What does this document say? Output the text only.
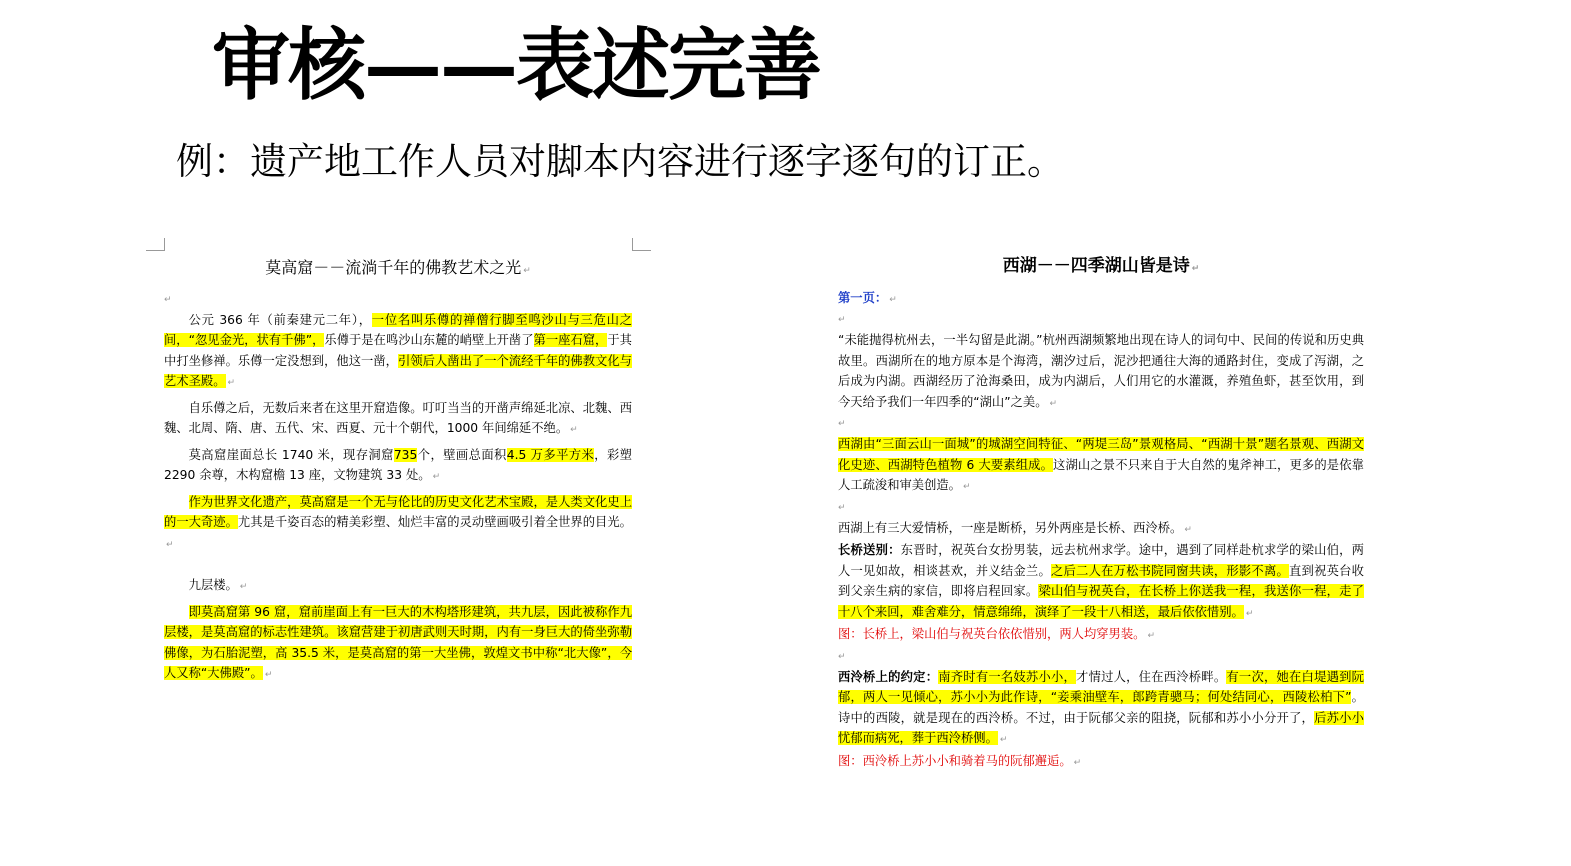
审核——表述完善
例：遗产地工作人员对脚本内容进行逐字逐句的订正。
莫高窟－－流淌千年的佛教艺术之光 ↵
↵

公元 366 年（前秦建元二年），一位名叫乐僔的禅僧行脚至鸣沙山与三危山之间，“忽见金光，状有千佛”，乐僔于是在鸣沙山东麓的峭壁上开凿了第一座石窟，于其中打坐修禅。乐僔一定没想到，他这一凿，引领后人凿出了一个流经千年的佛教文化与艺术圣殿。 ↵

自乐僔之后，无数后来者在这里开窟造像。叮叮当当的开凿声绵延北凉、北魏、西魏、北周、隋、唐、五代、宋、西夏、元十个朝代，1000 年间绵延不绝。 ↵

莫高窟崖面总长 1740 米，现存洞窟735个，壁画总面积4.5 万多平方米，彩塑 2290 余尊，木构窟檐 13 座，文物建筑 33 处。 ↵

作为世界文化遗产，莫高窟是一个无与伦比的历史文化艺术宝殿，是人类文化史上的一大奇迹。尤其是千姿百态的精美彩塑、灿烂丰富的灵动壁画吸引着全世界的目光。↵

九层楼。 ↵

即莫高窟第 96 窟，窟前崖面上有一巨大的木构塔形建筑，共九层，因此被称作九层楼，是莫高窟的标志性建筑。该窟营建于初唐武则天时期，内有一身巨大的倚坐弥勒佛像，为石胎泥塑，高 35.5 米，是莫高窟的第一大坐佛，敦煌文书中称“北大像”，今人又称“大佛殿”。 ↵

西湖－－四季湖山皆是诗 ↵

第一页： ↵

↵

“未能抛得杭州去，一半勾留是此湖。”杭州西湖频繁地出现在诗人的词句中、民间的传说和历史典故里。西湖所在的地方原本是个海湾，潮汐过后，泥沙把通往大海的通路封住，变成了泻湖，之后成为内湖。西湖经历了沧海桑田，成为内湖后，人们用它的水灌溉，养殖鱼虾，甚至饮用，到今天给予我们一年四季的“湖山”之美。 ↵

↵

西湖由“三面云山一面城”的城湖空间特征、“两堤三岛”景观格局、“西湖十景”题名景观、西湖文化史迹、西湖特色植物 6 大要素组成。这湖山之景不只来自于大自然的鬼斧神工，更多的是依靠人工疏浚和审美创造。 ↵

↵

西湖上有三大爱情桥，一座是断桥，另外两座是长桥、西泠桥。 ↵

长桥送别：东晋时，祝英台女扮男装，远去杭州求学。途中，遇到了同样赴杭求学的梁山伯，两人一见如故，相谈甚欢，并义结金兰。之后二人在万松书院同窗共读，形影不离。直到祝英台收到父亲生病的家信，即将启程回家。梁山伯与祝英台，在长桥上你送我一程，我送你一程，走了十八个来回，难舍难分，情意绵绵，演绎了一段十八相送，最后依依惜别。 ↵

图：长桥上，梁山伯与祝英台依依惜别，两人均穿男装。 ↵

↵

西泠桥上的约定：南齐时有一名妓苏小小，才情过人，住在西泠桥畔。有一次，她在白堤遇到阮郁，两人一见倾心，苏小小为此作诗，“妾乘油壁车，郎跨青骢马；何处结同心，西陵松柏下”。诗中的西陵，就是现在的西泠桥。不过，由于阮郁父亲的阻挠，阮郁和苏小小分开了，后苏小小忧郁而病死，葬于西泠桥侧。 ↵

图：西泠桥上苏小小和骑着马的阮郁邂逅。 ↵
